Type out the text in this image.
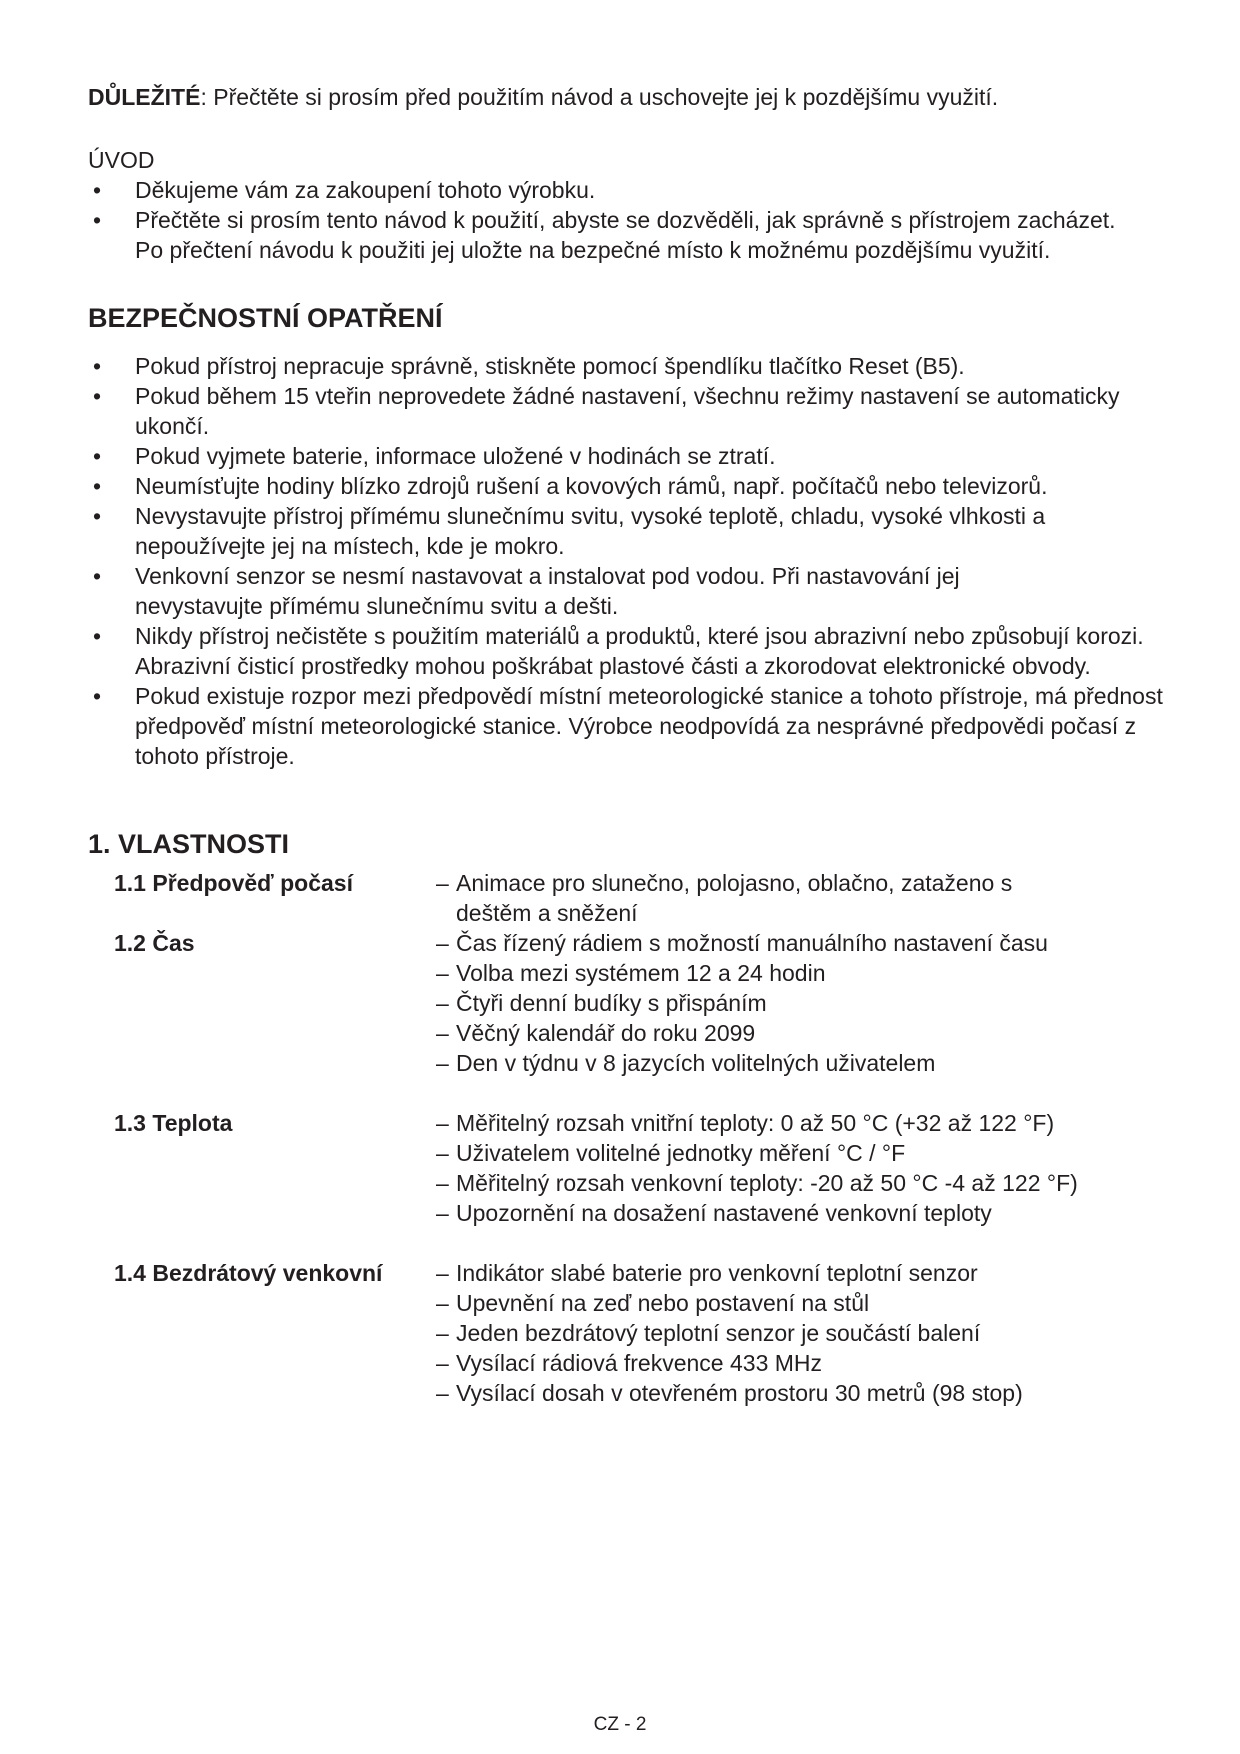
DŮLEŽITÉ: Přečtěte si prosím před použitím návod a uschovejte jej k pozdějšímu využití.

ÚVOD
• Děkujeme vám za zakoupení tohoto výrobku.
• Přečtěte si prosím tento návod k použití, abyste se dozvěděli, jak správně s přístrojem zacházet. Po přečtení návodu k použiti jej uložte na bezpečné místo k možnému pozdějšímu využití.
BEZPEČNOSTNÍ OPATŘENÍ
• Pokud přístroj nepracuje správně, stiskněte pomocí špendlíku tlačítko Reset (B5).
• Pokud během 15 vteřin neprovedete žádné nastavení, všechnu režimy nastavení se automaticky ukončí.
• Pokud vyjmete baterie, informace uložené v hodinách se ztratí.
• Neumísťujte hodiny blízko zdrojů rušení a kovových rámů, např. počítačů nebo televizorů.
• Nevystavujte přístroj přímému slunečnímu svitu, vysoké teplotě, chladu, vysoké vlhkosti a nepoužívejte jej na místech, kde je mokro.
• Venkovní senzor se nesmí nastavovat a instalovat pod vodou. Při nastavování jej nevystavujte přímému slunečnímu svitu a dešti.
• Nikdy přístroj nečistěte s použitím materiálů a produktů, které jsou abrazivní nebo způsobují korozi. Abrazivní čisticí prostředky mohou poškrábat plastové části a zkorodovat elektronické obvody.
• Pokud existuje rozpor mezi předpovědí místní meteorologické stanice a tohoto přístroje, má přednost předpověď místní meteorologické stanice. Výrobce neodpovídá za nesprávné předpovědi počasí z tohoto přístroje.
1. VLASTNOSTI
1.1 Předpověď počasí	– Animace pro slunečno, polojasno, oblačno, zataženo s deštěm a sněžení
1.2 Čas	– Čas řízený rádiem s možností manuálního nastavení času
– Volba mezi systémem 12 a 24 hodin
– Čtyři denní budíky s přispáním
– Věčný kalendář do roku 2099
– Den v týdnu v 8 jazycích volitelných uživatelem
1.3 Teplota	– Měřitelný rozsah vnitřní teploty: 0 až 50 °C (+32 až 122 °F)
– Uživatelem volitelné jednotky měření °C / °F
– Měřitelný rozsah venkovní teploty: -20 až 50 °C -4 až 122 °F)
– Upozornění na dosažení nastavené venkovní teploty
1.4 Bezdrátový venkovní	– Indikátor slabé baterie pro venkovní teplotní senzor
– Upevnění na zeď nebo postavení na stůl
– Jeden bezdrátový teplotní senzor je součástí balení
– Vysílací rádiová frekvence 433 MHz
– Vysílací dosah v otevřeném prostoru 30 metrů (98 stop)
CZ - 2
